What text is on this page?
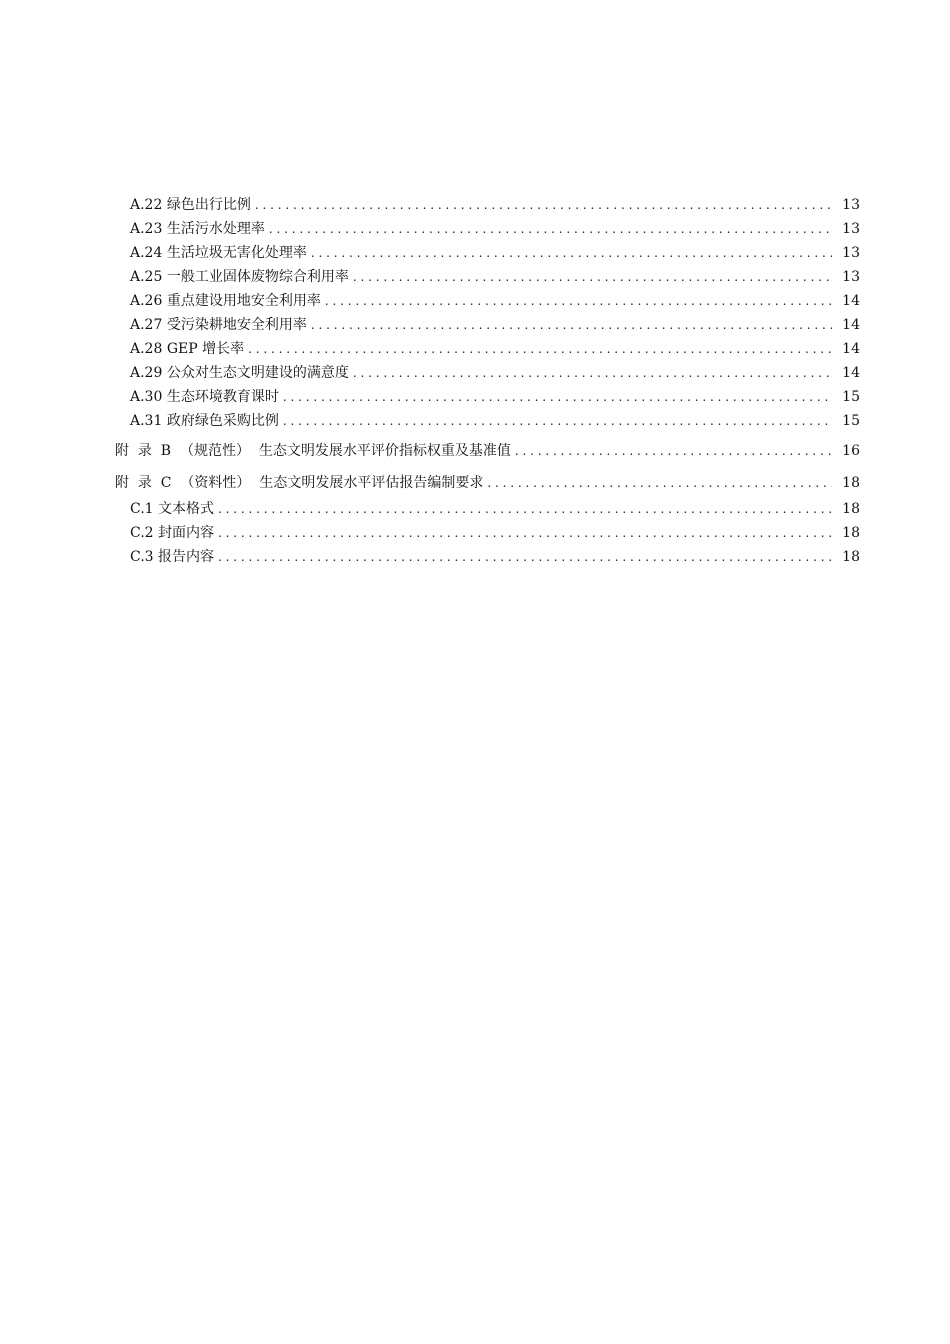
A.22 绿色出行比例 . . .	13
A.23 生活污水处理率 . . .	13
A.24 生活垃圾无害化处理率 . . .	13
A.25 一般工业固体废物综合利用率 . . .	13
A.26 重点建设用地安全利用率 . . .	14
A.27 受污染耕地安全利用率 . . .	14
A.28 GEP 增长率 . . .	14
A.29 公众对生态文明建设的满意度 . . .	14
A.30 生态环境教育课时 . . .	15
A.31 政府绿色采购比例 . . .	15
附  录  B  （规范性） 生态文明发展水平评价指标权重及基准值 . . .	16
附  录  C  （资料性） 生态文明发展水平评估报告编制要求 . . .	18
C.1 文本格式 . . .	18
C.2 封面内容 . . .	18
C.3 报告内容 . . .	18
